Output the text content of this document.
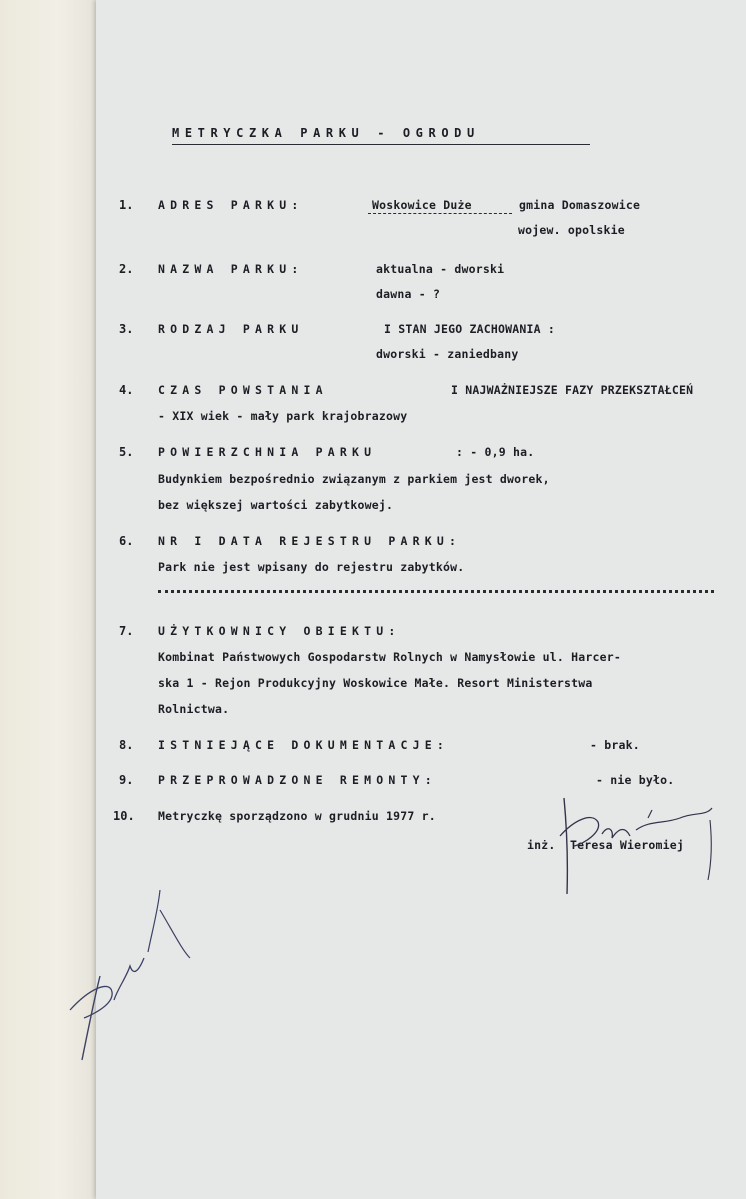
METRYCZKA PARKU - OGRODU
1. ADRES PARKU:	Woskowice Duże	gmina Domaszowice
wojew. opolskie
2. NAZWA PARKU:	aktualna - dworski
dawna - ?
3. RODZAJ PARKU	I STAN JEGO ZACHOWANIA :
dworski - zaniedbany
4. CZAS POWSTANIA	I NAJWAŻNIEJSZE FAZY PRZEKSZTAŁCEŃ
- XIX wiek - mały park krajobrazowy
5. POWIERZCHNIA PARKU	: - 0,9 ha.
Budynkiem bezpośrednio związanym z parkiem jest dworek,
bez większej wartości zabytkowej.
6. NR I DATA REJESTRU PARKU:
Park nie jest wpisany do rejestru zabytków.
7. UŻYTKOWNICY OBIEKTU:
Kombinat Państwowych Gospodarstw Rolnych w Namysłowie ul. Harcer-
ska 1 - Rejon Produkcyjny Woskowice Małe. Resort Ministerstwa
Rolnictwa.
8. ISTNIEJĄCE DOKUMENTACJE:	- brak.
9. PRZEPROWADZONE REMONTY:	- nie było.
10. Metryczkę sporządzono w grudniu 1977 r.
inż. Teresa Wieromiej
